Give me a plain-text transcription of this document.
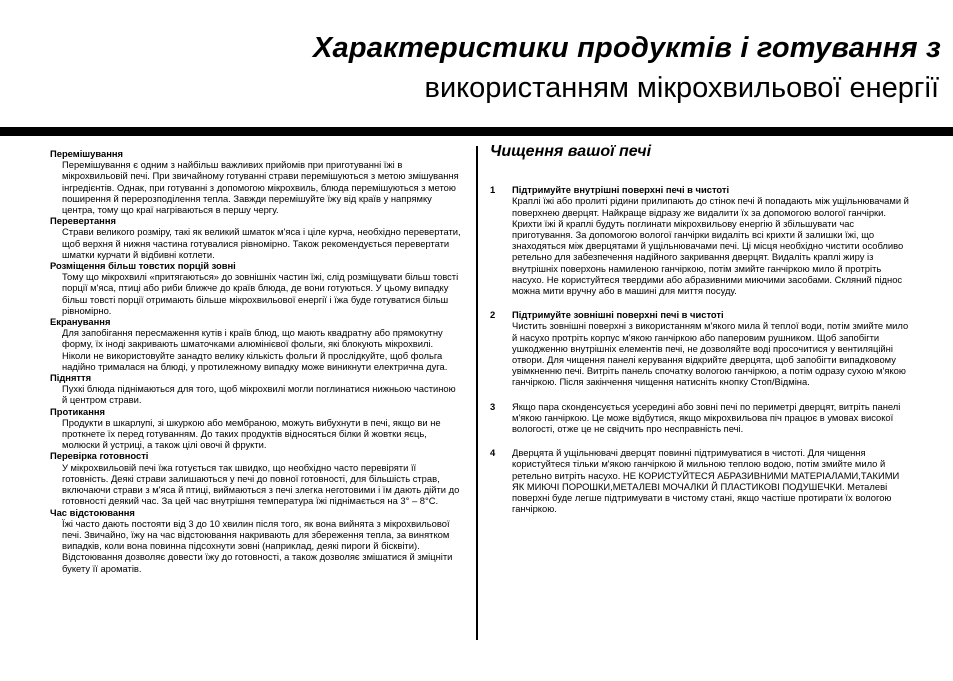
Характеристики продуктів і готування з
використанням мікрохвильової енергії
Перемішування
Перемішування є одним з найбільш важливих прийомів при приготуванні їжі в мікрохвильовій печі. При звичайному готуванні страви перемішуються з метою змішування інгредієнтів. Однак, при готуванні з допомогою мікрохвиль, блюда перемішуються з метою поширення й перерозподілення тепла. Завжди перемішуйте їжу від країв у напрямку центра, тому що краї нагріваються в першу чергу.
Перевертання
Страви великого розміру, такі як великий шматок м'яса і ціле курча, необхідно перевертати, щоб верхня й нижня частина готувалися рівномірно. Також рекомендується перевертати шматки курчати й відбивні котлети.
Розміщення більш товстих порцій зовні
Тому що мікрохвилі «притягаються» до зовнішніх частин їжі, слід розміщувати більш товсті порції м'яса, птиці або риби ближче до країв блюда, де вони готуються. У цьому випадку більш товсті порції отримають більше мікрохвильової енергії і їжа буде готуватися більш рівномірно.
Екранування
Для запобігання пересмаження кутів і країв блюд, що мають квадратну або прямокутну форму, їх іноді закривають шматочками алюмінієвої фольги, які блокують мікрохвилі. Ніколи не використовуйте занадто велику кількість фольги й прослідкуйте, щоб фольга надійно трималася на блюді, у протилежному випадку може виникнути електрична дуга.
Підняття
Пухкі блюда піднімаються для того, щоб мікрохвилі могли поглинатися нижньою частиною й центром страви.
Протикання
Продукти в шкарлупі, зі шкуркою або мембраною, можуть вибухнути в печі, якщо ви не проткнете їх перед готуванням. До таких продуктів відносяться білки й жовтки яєць, молюски й устриці, а також цілі овочі й фрукти.
Перевірка готовності
У мікрохвильовій печі їжа готується так швидко, що необхідно часто перевіряти її готовність. Деякі страви залишаються у печі до повної готовності, для більшість страв, включаючи страви з м'яса й птиці, виймаються з печі злегка неготовими і їм дають дійти до готовності деякий час. За цей час внутрішня температура їжі піднімається на 3° – 8°С.
Час відстоювання
Їжі часто дають постояти від 3 до 10 хвилин після того, як вона вийнята з мікрохвильової печі. Звичайно, їжу на час відстоювання накривають для збереження тепла, за винятком випадків, коли вона повинна підсохнути зовні (наприклад, деякі пироги й бісквіти). Відстоювання дозволяє довести їжу до готовності, а також дозволяє змішатися й зміцніти букету її ароматів.
Чищення вашої печі
1	Підтримуйте внутрішні поверхні печі в чистоті
Краплі їжі або пролиті рідини прилипають до стінок печі й попадають між ущільнювачами й поверхнею дверцят. Найкраще відразу же видалити їх за допомогою вологої ганчірки. Крихти їжі й краплі будуть поглинати мікрохвильову енергію й збільшувати час приготування. За допомогою вологої ганчірки видаліть всі крихти й залишки їжі, що знаходяться між дверцятами й ущільнювачами печі. Ці місця необхідно чистити особливо ретельно для забезпечення надійного закривання дверцят. Видаліть краплі жиру із внутрішніх поверхонь намиленою ганчіркою, потім змийте ганчіркою мило й протріть насухо. Не користуйтеся твердими або абразивними миючими засобами. Скляний піднос можна мити вручну або в машині для миття посуду.
2	Підтримуйте зовнішні поверхні печі в чистоті
Чистить зовнішні поверхні з використанням м'якого мила й теплої води, потім змийте мило й насухо протріть корпус м'якою ганчіркою або паперовим рушником. Щоб запобігти ушкодженню внутрішніх елементів печі, не дозволяйте воді просочитися у вентиляційні отвори. Для чищення панелі керування відкрийте дверцята, щоб запобігти випадковому увімкненню печі. Витріть панель спочатку вологою ганчіркою, а потім одразу сухою м'якою ганчіркою. Після закінчення чищення натисніть кнопку Стоп/Відміна.
3	Якщо пара сконденсується усередині або зовні печі по периметрі дверцят, витріть панелі м'якою ганчіркою. Це може відбутися, якщо мікрохвильова піч працює в умовах високої вологості, отже це не свідчить про несправність печі.
4	Дверцята й ущільнювачі дверцят повинні підтримуватися в чистоті. Для чищення користуйтеся тільки м'якою ганчіркою й мильною теплою водою, потім змийте мило й ретельно витріть насухо. НЕ КОРИСТУЙТЕСЯ АБРАЗИВНИМИ МАТЕРІАЛАМИ,ТАКИМИ ЯК МИЮЧІ ПОРОШКИ,МЕТАЛЕВІ МОЧАЛКИ Й ПЛАСТИКОВІ ПОДУШЕЧКИ. Металеві поверхні буде легше підтримувати в чистому стані, якщо частіше протирати їх вологою ганчіркою.
